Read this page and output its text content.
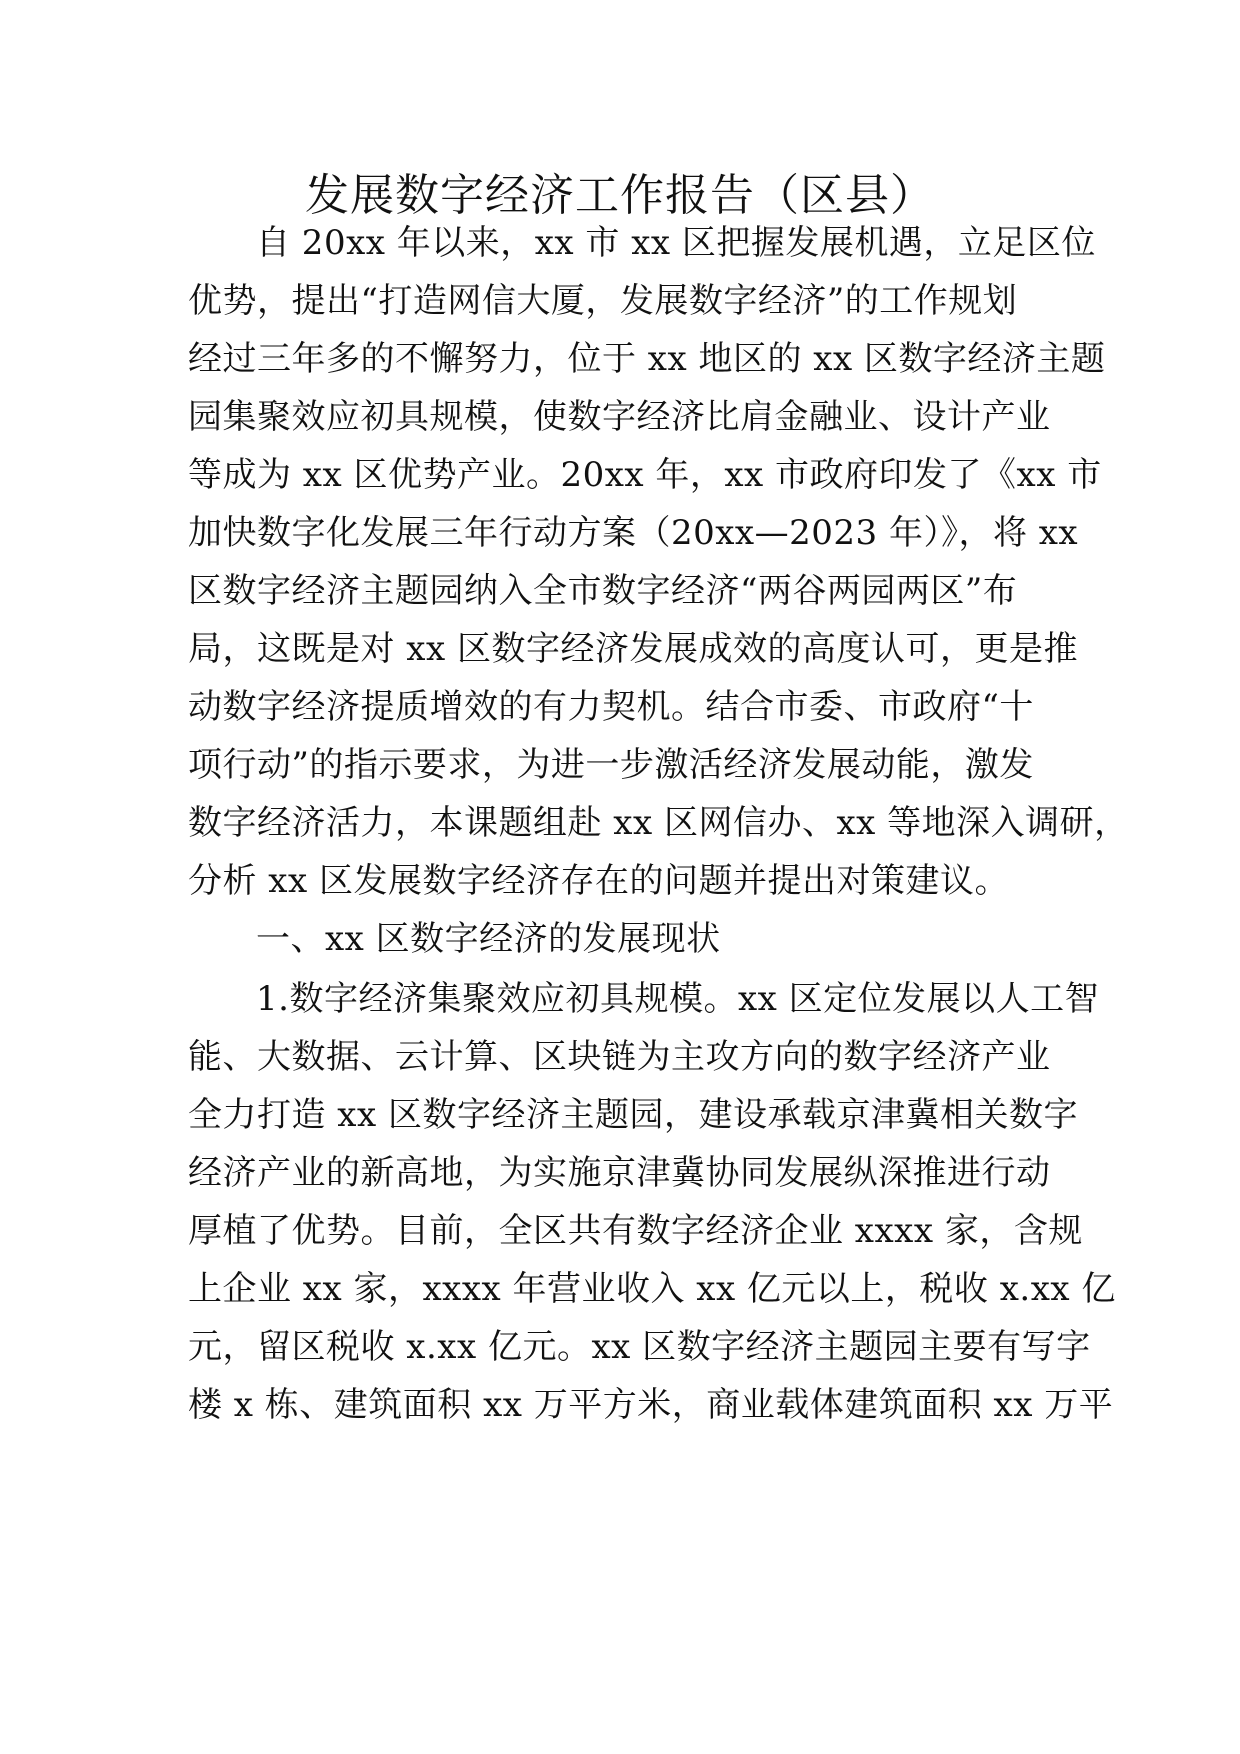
发展数字经济工作报告（区县）
自 20xx 年以来，xx 市 xx 区把握发展机遇，立足区位
优势，提出“打造网信大厦，发展数字经济”的工作规划
经过三年多的不懈努力，位于 xx 地区的 xx 区数字经济主题
园集聚效应初具规模，使数字经济比肩金融业、设计产业
等成为 xx 区优势产业。20xx 年，xx 市政府印发了《xx 市
加快数字化发展三年行动方案（20xx—2023 年）》，将 xx
区数字经济主题园纳入全市数字经济“两谷两园两区”布
局，这既是对 xx 区数字经济发展成效的高度认可，更是推
动数字经济提质增效的有力契机。结合市委、市政府“十
项行动”的指示要求，为进一步激活经济发展动能，激发
数字经济活力，本课题组赴 xx 区网信办、xx 等地深入调研，
分析 xx 区发展数字经济存在的问题并提出对策建议。
一、xx 区数字经济的发展现状
1.数字经济集聚效应初具规模。xx 区定位发展以人工智
能、大数据、云计算、区块链为主攻方向的数字经济产业
全力打造 xx 区数字经济主题园，建设承载京津冀相关数字
经济产业的新高地，为实施京津冀协同发展纵深推进行动
厚植了优势。目前，全区共有数字经济企业 xxxx 家，含规
上企业 xx 家，xxxx 年营业收入 xx 亿元以上，税收 x.xx 亿
元，留区税收 x.xx 亿元。xx 区数字经济主题园主要有写字
楼 x 栋、建筑面积 xx 万平方米，商业载体建筑面积 xx 万平
